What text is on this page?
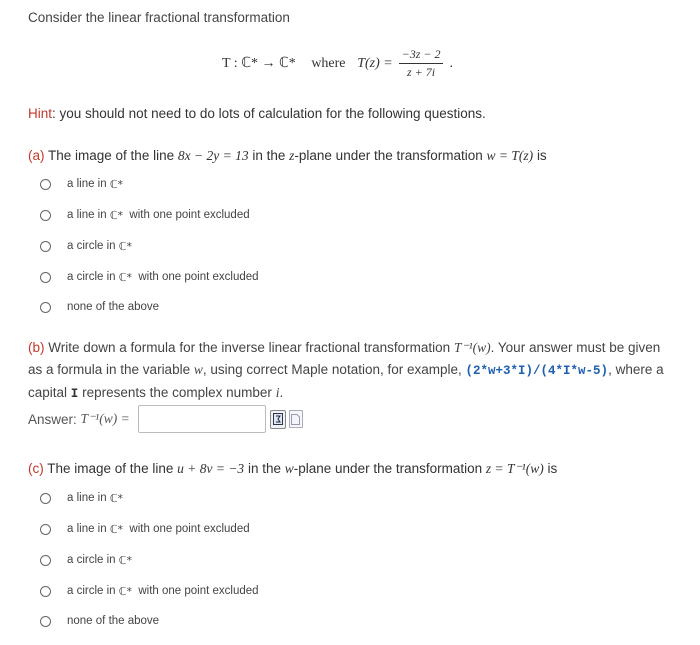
Consider the linear fractional transformation
T : ℂ* → ℂ* where $T(z) = \frac{-3z - 2}{z + 7i}$ .
Hint: you should not need to do lots of calculation for the following questions.
(a) The image of the line 8x − 2y = 13 in the z-plane under the transformation w = T(z) is
a line in
ℂ*
a line in
ℂ*
with one point excluded
a circle in
ℂ*
a circle in
ℂ*
with one point excluded
none of the above
(b) Write down a formula for the inverse linear fractional transformation T⁻¹(w). Your answer must be given as a formula in the variable w, using correct Maple notation, for example, (2*w+3*I)/(4*I*w-5), where a capital I represents the complex number i.
Answer:
T⁻¹(w) =
(c) The image of the line u + 8v = −3 in the w-plane under the transformation z = T⁻¹(w) is
a line in
ℂ*
a line in
ℂ*
with one point excluded
a circle in
ℂ*
a circle in
ℂ*
with one point excluded
none of the above
